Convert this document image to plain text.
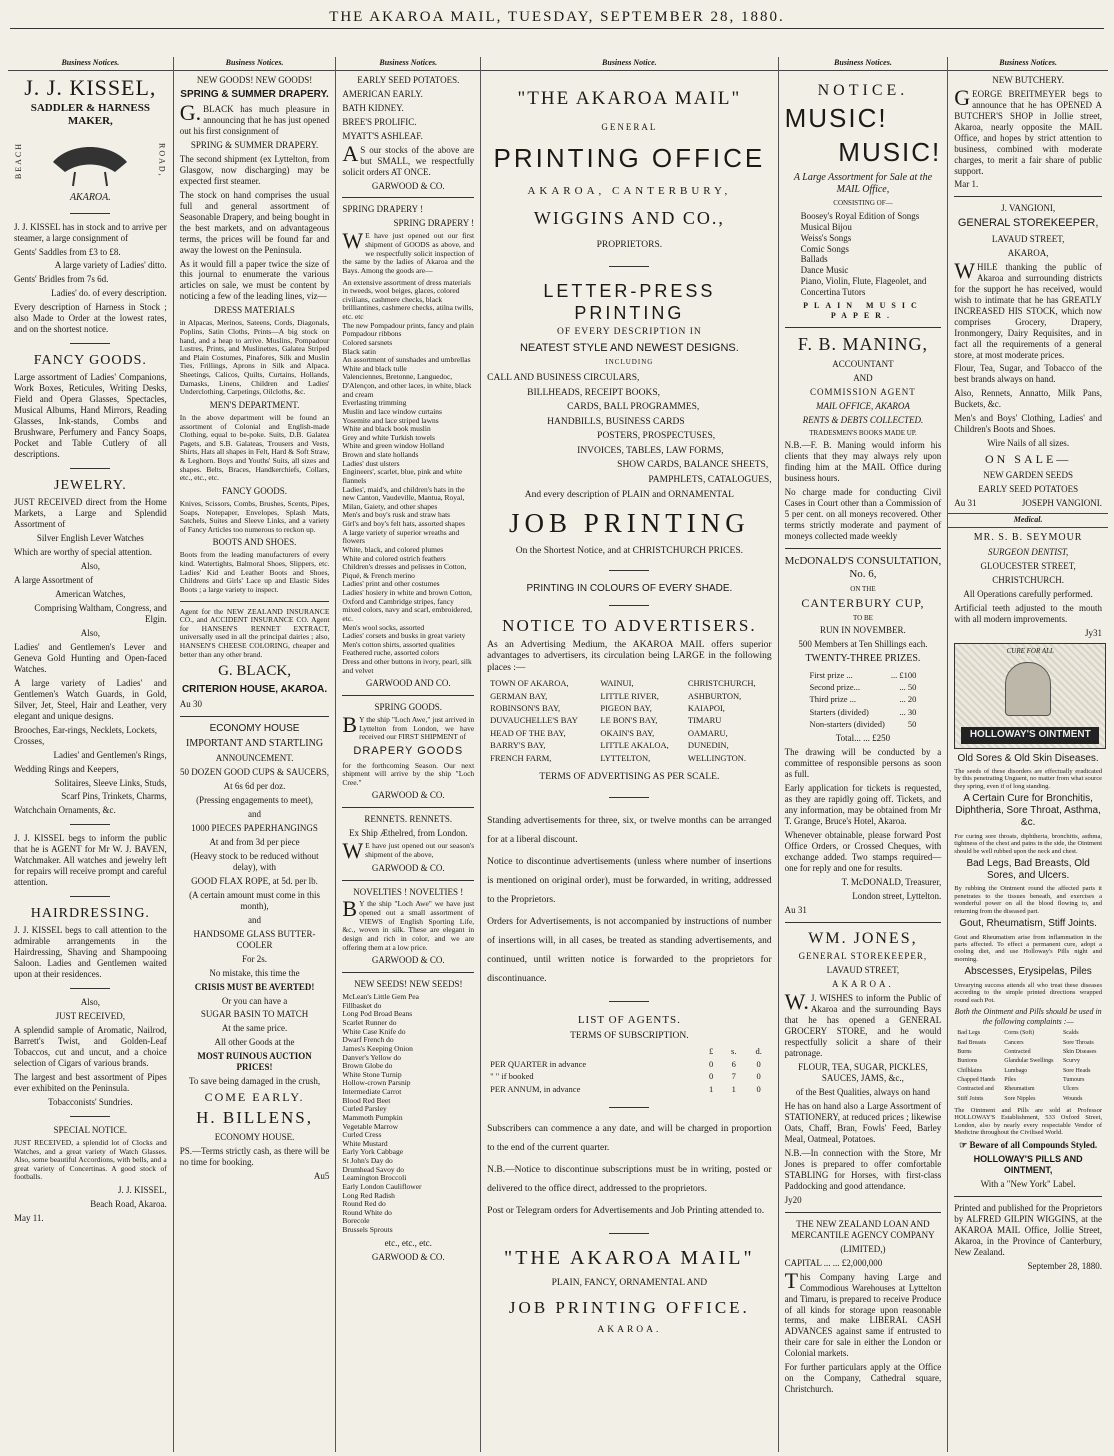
THE AKAROA MAIL, TUESDAY, SEPTEMBER 28, 1880.
Business Notices.
J. J. KISSEL,
SADDLER & HARNESS MAKER,
BEACH	ROAD,
AKAROA.

J. J. KISSEL has in stock and to arrive per steamer, a large consignment of

Gents' Saddles from £3 to £8.

A large variety of Ladies' ditto.

Gents' Bridles from 7s 6d.

Ladies' do. of every description.

Every description of Harness in Stock ; also Made to Order at the lowest rates, and on the shortest notice.

FANCY GOODS.

Large assortment of Ladies' Companions, Work Boxes, Reticules, Writing Desks, Field and Opera Glasses, Spectacles, Musical Albums, Hand Mirrors, Reading Glasses, Ink-stands, Combs and Brushware, Perfumery and Fancy Soaps, Pocket and Table Cutlery of all descriptions.

JEWELRY.

JUST RECEIVED direct from the Home Markets, a Large and Splendid Assortment of

Silver English Lever Watches

Which are worthy of special attention.

Also,

A large Assortment of

American Watches,

Comprising Waltham, Congress, and Elgin.

Also,

Ladies' and Gentlemen's Lever and Geneva Gold Hunting and Open-faced Watches.

A large variety of Ladies' and Gentlemen's Watch Guards, in Gold, Silver, Jet, Steel, Hair and Leather, very elegant and unique designs.

Brooches, Ear-rings, Necklets, Lockets, Crosses,

Ladies' and Gentlemen's Rings,

Wedding Rings and Keepers,

Solitaires, Sleeve Links, Studs,

Scarf Pins, Trinkets, Charms,

Watchchain Ornaments, &c.

J. J. KISSEL begs to inform the public that he is AGENT for Mr W. J. BAVEN, Watchmaker. All watches and jewelry left for repairs will receive prompt and careful attention.

HAIRDRESSING.

J. J. KISSEL begs to call attention to the admirable arrangements in the Hairdressing, Shaving and Shampooing Saloon. Ladies and Gentlemen waited upon at their residences.

Also,

JUST RECEIVED,

A splendid sample of Aromatic, Nailrod, Barrett's Twist, and Golden-Leaf Tobaccos, cut and uncut, and a choice selection of Cigars of various brands.

The largest and best assortment of Pipes ever exhibited on the Peninsula.

Tobacconists' Sundries.

SPECIAL NOTICE.

JUST RECEIVED, a splendid lot of Clocks and Watches, and a great variety of Watch Glasses. Also, some beautiful Accordions, with bells, and a great variety of Concertinas. A good stock of footballs.

J. J. KISSEL,

Beach Road, Akaroa.

May 11.

Business Notices.

NEW GOODS! NEW GOODS!

SPRING & SUMMER DRAPERY.

G.BLACK has much pleasure in announcing that he has just opened out his first consignment of

SPRING & SUMMER DRAPERY.

The second shipment (ex Lyttelton, from Glasgow, now discharging) may be expected first steamer.

The stock on hand comprises the usual full and general assortment of Seasonable Drapery, and being bought in the best markets, and on advantageous terms, the prices will be found far and away the lowest on the Peninsula.

As it would fill a paper twice the size of this journal to enumerate the various articles on sale, we must be content by noticing a few of the leading lines, viz—

DRESS MATERIALS

in Alpacas, Merinos, Sateens, Cords, Diagonals, Poplins, Satin Cloths, Prints—A big stock on hand, and a heap to arrive. Muslins, Pompadour Lustres, Prints, and Muslinettes, Galatea Striped and Plain Costumes, Pinafores, Silk and Muslin Ties, Frillings, Aprons in Silk and Alpaca. Sheetings, Calicos, Quilts, Curtains, Hollands, Damasks, Linens, Children and Ladies' Underclothing, Carpetings, Oilcloths, &c.

MEN'S DEPARTMENT.

In the above department will be found an assortment of Colonial and English-made Clothing, equal to be-poke. Suits, D.B. Galatea Pagets, and S.B. Galateas, Trousers and Vests, Shirts, Hats all shapes in Felt, Hard & Soft Straw, & Leghorn. Boys and Youths' Suits, all sizes and shapes. Belts, Braces, Handkerchiefs, Collars, etc., etc., etc.

FANCY GOODS.

Knives, Scissors, Combs, Brushes, Scents, Pipes, Soaps, Notepaper, Envelopes, Splash Mats, Satchels, Suites and Sleeve Links, and a variety of Fancy Articles too numerous to reckon up.

BOOTS AND SHOES.

Boots from the leading manufacturers of every kind. Watertights, Balmoral Shoes, Slippers, etc. Ladies' Kid and Leather Boots and Shoes, Childrens and Girls' Lace up and Elastic Sides Boots ; a large variety to inspect.

Agent for the NEW ZEALAND INSURANCE CO., and ACCIDENT INSURANCE CO. Agent for HANSEN'S RENNET EXTRACT, universally used in all the principal dairies ; also, HANSEN'S CHEESE COLORING, cheaper and better than any other brand.

G. BLACK,

CRITERION HOUSE, AKAROA.

Au 30

ECONOMY HOUSE

IMPORTANT AND STARTLING

ANNOUNCEMENT.

50 DOZEN GOOD CUPS & SAUCERS,

At 6s 6d per doz.

(Pressing engagements to meet),

and

1000 PIECES PAPERHANGINGS

At and from 3d per piece

(Heavy stock to be reduced without delay), with

GOOD FLAX ROPE, at 5d. per lb.

(A certain amount must come in this month),

and

HANDSOME GLASS BUTTER-COOLER

For 2s.

No mistake, this time the

CRISIS MUST BE AVERTED!

Or you can have a

SUGAR BASIN TO MATCH

At the same price.

All other Goods at the

MOST RUINOUS AUCTION PRICES!

To save being damaged in the crush,

COME EARLY.

H. BILLENS,

ECONOMY HOUSE.

PS.—Terms strictly cash, as there will be no time for booking.

Au5

Business Notices.

EARLY SEED POTATOES.

AMERICAN EARLY.

BATH KIDNEY.

BREE'S PROLIFIC.

MYATT'S ASHLEAF.

AS our stocks of the above are but SMALL, we respectfully solicit orders AT ONCE.

GARWOOD & CO.

SPRING DRAPERY !

SPRING DRAPERY !

WE have just opened out our first shipment of GOODS as above, and we respectfully solicit inspection of the same by the ladies of Akaroa and the Bays. Among the goods are—

An extensive assortment of dress materials in tweeds, wool beiges, glaces, colored civilians, cashmere checks, black brilliantines, cashmere checks, atilna twills, etc. etc
The new Pompadour prints, fancy and plain
Pompadour ribbons
Colored sarsnets
Black satin
An assortment of sunshades and umbrellas
White and black tulle
Valenciennes, Bretonne, Languedoc, D'Alençon, and other laces, in white, black and cream
Everlasting trimming
Muslin and lace window curtains
Yosemite and lace striped lawns
White and black book muslin
Grey and white Turkish towels
White and green window Holland
Brown and slate hollands
Ladies' dust ulsters
Engineers', scarlet, blue, pink and white flannels
Ladies', maid's, and children's hats in the new Canton, Vaudeville, Mantua, Royal, Milan, Gaiety, and other shapes
Men's and boy's rusk and straw hats
Girl's and boy's felt hats, assorted shapes
A large variety of superior wreaths and flowers
White, black, and colored plumes
White and colored ostrich feathers
Children's dresses and pelisses in Cotton, Piqué, & French merino
Ladies' print and other costumes
Ladies' hosiery in white and brown Cotton, Oxford and Cambridge stripes, fancy mixed colors, navy and scarl, embroidered, etc.
Men's wool socks, assorted
Ladies' corsets and busks in great variety
Men's cotton shirts, assorted qualities
Feathered ruche, assorted colors
Dress and other buttons in ivory, pearl, silk and velvet

GARWOOD AND CO.

SPRING GOODS.

BY the ship "Loch Awe," just arrived in Lyttelton from London, we have received our FIRST SHIPMENT of

DRAPERY GOODS

for the forthcoming Season. Our next shipment will arrive by the ship "Loch Cree."

GARWOOD & CO.

RENNETS. RENNETS.

Ex Ship Æthelred, from London.

WE have just opened out our season's shipment of the above,

GARWOOD & CO.

NOVELTIES ! NOVELTIES !

BY the ship "Loch Awe" we have just opened out a small assortment of VIEWS of English Sporting Life, &c., woven in silk. These are elegant in design and rich in color, and we are offering them at a low price.

GARWOOD & CO.

NEW SEEDS! NEW SEEDS!

McLean's Little Gem Pea
Fillbasket do
Long Pod Broad Beans
Scarlet Runner do
White Case Knife do
Dwarf French do
James's Keeping Onion
Danver's Yellow do
Brown Globe do
White Stone Turnip
Hollow-crown Parsnip
Intermediate Carrot
Blood Red Beet
Curled Parsley
Mammoth Pumpkin
Vegetable Marrow
Curled Cress
White Mustard
Early York Cabbage
St John's Day do
Drumhead Savoy do
Leamington Broccoli
Early London Cauliflower
Long Red Radish
Round Red do
Round White do
Borecole
Brussels Sprouts

etc., etc., etc.

GARWOOD & CO.

Business Notice.

"THE AKAROA MAIL"

GENERAL

PRINTING OFFICE

AKAROA, CANTERBURY,

WIGGINS AND CO.,

PROPRIETORS.

LETTER-PRESS PRINTING

OF EVERY DESCRIPTION IN

NEATEST STYLE AND NEWEST DESIGNS.

INCLUDING

CALL AND BUSINESS CIRCULARS,

BILLHEADS, RECEIPT BOOKS,

CARDS, BALL PROGRAMMES,

HANDBILLS, BUSINESS CARDS

POSTERS, PROSPECTUSES,

INVOICES, TABLES, LAW FORMS,

SHOW CARDS, BALANCE SHEETS,

PAMPHLETS, CATALOGUES,

And every description of PLAIN and ORNAMENTAL

JOB PRINTING

On the Shortest Notice, and at CHRISTCHURCH PRICES.

PRINTING IN COLOURS OF EVERY SHADE.

NOTICE TO ADVERTISERS.

As an Advertising Medium, the AKAROA MAIL offers superior advantages to advertisers, its circulation being LARGE in the following places :—

TOWN OF AKAROA,	WAINUI,	CHRISTCHURCH,
GERMAN BAY,	LITTLE RIVER,	ASHBURTON,
ROBINSON'S BAY,	PIGEON BAY,	KAIAPOI,
DUVAUCHELLE'S BAY	LE BON'S BAY,	TIMARU
HEAD OF THE BAY,	OKAIN'S BAY,	OAMARU,
BARRY'S BAY,	LITTLE AKALOA,	DUNEDIN,
FRENCH FARM,	LYTTELTON,	WELLINGTON.

TERMS OF ADVERTISING AS PER SCALE.

Standing advertisements for three, six, or twelve months can be arranged for at a liberal discount.

Notice to discontinue advertisements (unless where number of insertions is mentioned on original order), must be forwarded, in writing, addressed to the Proprietors.

Orders for Advertisements, is not accompanied by instructions of number of insertions will, in all cases, be treated as standing advertisements, and continued, until written notice is forwarded to the proprietors for discontinuance.

LIST OF AGENTS.

TERMS OF SUBSCRIPTION.

	£	s.	d.
PER QUARTER in advance	0	6	0
" " if booked	0	7	0
PER ANNUM, in advance	1	1	0

Subscribers can commence a any date, and will be charged in proportion to the end of the current quarter.

N.B.—Notice to discontinue subscriptions must be in writing, posted or delivered to the office direct, addressed to the proprietors.

Post or Telegram orders for Advertisements and Job Printing attended to.

"THE AKAROA MAIL"

PLAIN, FANCY, ORNAMENTAL AND

JOB PRINTING OFFICE.

AKAROA.

Business Notices.

NOTICE.

MUSIC!

MUSIC!

A Large Assortment for Sale at the MAIL Office,

CONSISTING OF—

Boosey's Royal Edition of Songs
Musical Bijou
Weiss's Songs
Comic Songs
Ballads
Dance Music
Piano, Violin, Flute, Flageolet, and Concertina Tutors

PLAIN MUSIC PAPER.

F. B. MANING,

ACCOUNTANT

AND

COMMISSION AGENT

MAIL OFFICE, AKAROA

RENTS & DEBTS COLLECTED.

TRADESMEN'S BOOKS MADE UP.

N.B.—F. B. Maning would inform his clients that they may always rely upon finding him at the MAIL Office during business hours.

No charge made for conducting Civil Cases in Court other than a Commission of 5 per cent. on all moneys recovered. Other terms strictly moderate and payment of moneys collected made weekly

McDONALD'S CONSULTATION, No. 6,

ON THE

CANTERBURY CUP,

TO BE

RUN IN NOVEMBER.

500 Members at Ten Shillings each.

TWENTY-THREE PRIZES.

First prize ...	... £100
Second prize...	... 50
Third prize ...	... 20
Starters (divided)	... 30
Non-starters (divided)	50

Total... ... £250

The drawing will be conducted by a committee of responsible persons as soon as full.

Early application for tickets is requested, as they are rapidly going off. Tickets, and any information, may be obtained from Mr T. Grange, Bruce's Hotel, Akaroa.

Whenever obtainable, please forward Post Office Orders, or Crossed Cheques, with exchange added. Two stamps required—one for reply and one for results.

T. McDONALD, Treasurer,

London street, Lyttelton.

Au 31

WM. JONES,

GENERAL STOREKEEPER,

LAVAUD STREET,

AKAROA.

W.J. WISHES to inform the Public of Akaroa and the surrounding Bays that he has opened a GENERAL GROCERY STORE, and he would respectfully solicit a share of their patronage.

FLOUR, TEA, SUGAR, PICKLES, SAUCES, JAMS, &c.,

of the Best Qualities, always on hand

He has on hand also a Large Assortment of STATIONERY, at reduced prices ; likewise Oats, Chaff, Bran, Fowls' Feed, Barley Meal, Oatmeal, Potatoes.

N.B.—In connection with the Store, Mr Jones is prepared to offer comfortable STABLING for Horses, with first-class Paddocking and good attendance.

Jy20

THE NEW ZEALAND LOAN AND MERCANTILE AGENCY COMPANY

(LIMITED,)

CAPITAL ... ... £2,000,000

This Company having Large and Commodious Warehouses at Lyttelton and Timaru, is prepared to receive Produce of all kinds for storage upon reasonable terms, and make LIBERAL CASH ADVANCES against same if entrusted to their care for sale in either the London or Colonial markets.

For further particulars apply at the Office on the Company, Cathedral square, Christchurch.

Business Notices.

NEW BUTCHERY.

GEORGE BREITMEYER begs to announce that he has OPENED A BUTCHER'S SHOP in Jollie street, Akaroa, nearly opposite the MAIL Office, and hopes by strict attention to business, combined with moderate charges, to merit a fair share of public support.

Mar 1.

J. VANGIONI,

GENERAL STOREKEEPER,

LAVAUD STREET,

AKAROA,

WHILE thanking the public of Akaroa and surrounding districts for the support he has received, would wish to intimate that he has GREATLY INCREASED HIS STOCK, which now comprises Grocery, Drapery, Ironmongery, Dairy Requisites, and in fact all the requirements of a general store, at most moderate prices.

Flour, Tea, Sugar, and Tobacco of the best brands always on hand.

Also, Rennets, Annatto, Milk Pans, Buckets, &c.

Men's and Boys' Clothing, Ladies' and Children's Boots and Shoes.

Wire Nails of all sizes.

ON SALE—

NEW GARDEN SEEDS

EARLY SEED POTATOES

Au 31	JOSEPH VANGIONI.

Medical.

MR. S. B. SEYMOUR

SURGEON DENTIST,

GLOUCESTER STREET,

CHRISTCHURCH.

All Operations carefully performed.

Artificial teeth adjusted to the mouth with all modern improvements.

Jy31

CURE FOR ALL
HOLLOWAY'S OINTMENT

Old Sores & Old Skin Diseases.

The seeds of these disorders are effectually eradicated by this penetrating Unguent, no matter from what source they spring, even if of long standing.

A Certain Cure for Bronchitis, Diphtheria, Sore Throat, Asthma, &c.

For curing sore throats, diphtheria, bronchitis, asthma, tightness of the chest and pains in the side, the Ointment should be well rubbed upon the neck and chest.

Bad Legs, Bad Breasts, Old Sores, and Ulcers.

By rubbing the Ointment round the affected parts it penetrates to the tissues beneath, and exercises a wonderful power on all the blood flowing to, and returning from the diseased part.

Gout, Rheumatism, Stiff Joints.

Gout and Rheumatism arise from inflammation in the parts affected. To effect a permanent cure, adopt a cooling diet, and use Holloway's Pills night and morning.

Abscesses, Erysipelas, Piles

Unvarying success attends all who treat these diseases according to the simple printed directions wrapped round each Pot.

Both the Ointment and Pills should be used in the following complaints :—

Bad Legs	Corns (Soft)	Scalds
Bad Breasts	Cancers	Sore Throats
Burns	Contracted	Skin Diseases
Bunions	Glandular Swellings	Scurvy
Chilblains	Lumbago	Sore Heads
Chapped Hands	Piles	Tumours
Contracted and	Rheumatism	Ulcers
Stiff Joints	Sore Nipples	Wounds

The Ointment and Pills are sold at Professor HOLLOWAY'S Establishment, 533 Oxford Street, London, also by nearly every respectable Vendor of Medicine throughout the Civilised World.

☞ Beware of all Compounds Styled.

HOLLOWAY'S PILLS AND OINTMENT,

With a "New York" Label.

Printed and published for the Proprietors by ALFRED GILPIN WIGGINS, at the AKAROA MAIL Office, Jollie Street, Akaroa, in the Province of Canterbury, New Zealand.

September 28, 1880.
